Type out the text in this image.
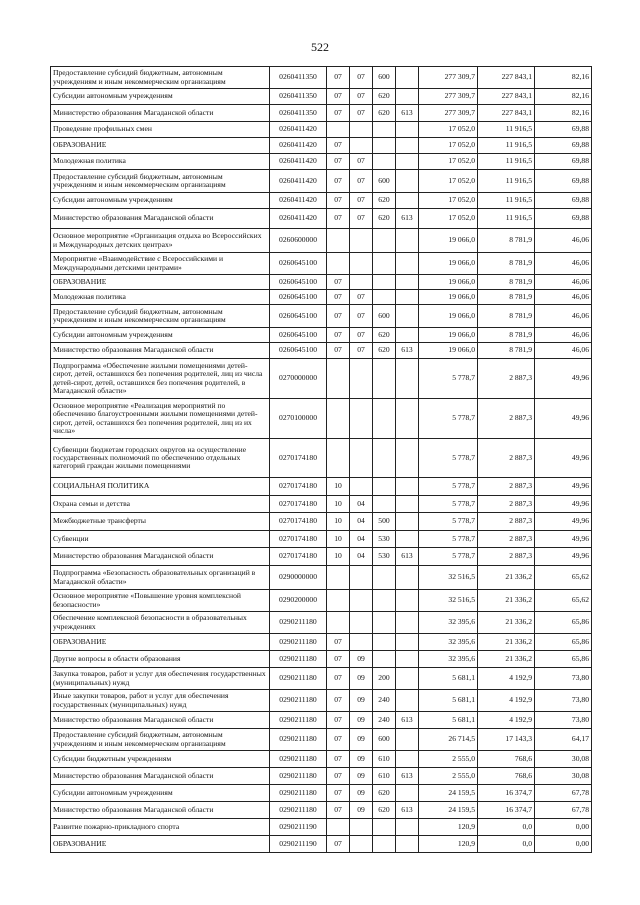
522
Предоставление субсидий бюджетным, автономным учреждениям и иным некоммерческим организациям	0260411350	07	07	600		277 309,7	227 843,1	82,16
Субсидии автономным учреждениям	0260411350	07	07	620		277 309,7	227 843,1	82,16
Министерство образования Магаданской области	0260411350	07	07	620	613	277 309,7	227 843,1	82,16
Проведение профильных смен	0260411420					17 052,0	11 916,5	69,88
ОБРАЗОВАНИЕ	0260411420	07				17 052,0	11 916,5	69,88
Молодежная политика	0260411420	07	07			17 052,0	11 916,5	69,88
Предоставление субсидий бюджетным, автономным учреждениям и иным некоммерческим организациям	0260411420	07	07	600		17 052,0	11 916,5	69,88
Субсидии автономным учреждениям	0260411420	07	07	620		17 052,0	11 916,5	69,88
Министерство образования Магаданской области	0260411420	07	07	620	613	17 052,0	11 916,5	69,88
Основное мероприятие «Организация отдыха во Всероссийских и Международных детских центрах»	0260600000					19 066,0	8 781,9	46,06
Мероприятие «Взаимодействие с Всероссийскими и Международными детскими центрами»	0260645100					19 066,0	8 781,9	46,06
ОБРАЗОВАНИЕ	0260645100	07				19 066,0	8 781,9	46,06
Молодежная политика	0260645100	07	07			19 066,0	8 781,9	46,06
Предоставление субсидий бюджетным, автономным учреждениям и иным некоммерческим организациям	0260645100	07	07	600		19 066,0	8 781,9	46,06
Субсидии автономным учреждениям	0260645100	07	07	620		19 066,0	8 781,9	46,06
Министерство образования Магаданской области	0260645100	07	07	620	613	19 066,0	8 781,9	46,06
Подпрограмма «Обеспечение жилыми помещениями детей-сирот, детей, оставшихся без попечения родителей, лиц из числа детей-сирот, детей, оставшихся без попечения родителей, в Магаданской области»	0270000000					5 778,7	2 887,3	49,96
Основное мероприятие «Реализация мероприятий по обеспечению благоустроенными жилыми помещениями детей-сирот, детей, оставшихся без попечения родителей, лиц из их числа»	0270100000					5 778,7	2 887,3	49,96
Субвенции бюджетам городских округов на осуществление государственных полномочий по обеспечению отдельных категорий граждан жилыми помещениями	0270174180					5 778,7	2 887,3	49,96
СОЦИАЛЬНАЯ ПОЛИТИКА	0270174180	10				5 778,7	2 887,3	49,96
Охрана семьи и детства	0270174180	10	04			5 778,7	2 887,3	49,96
Межбюджетные трансферты	0270174180	10	04	500		5 778,7	2 887,3	49,96
Субвенции	0270174180	10	04	530		5 778,7	2 887,3	49,96
Министерство образования Магаданской области	0270174180	10	04	530	613	5 778,7	2 887,3	49,96
Подпрограмма «Безопасность образовательных организаций в Магаданской области»	0290000000					32 516,5	21 336,2	65,62
Основное мероприятие «Повышение уровня комплексной безопасности»	0290200000					32 516,5	21 336,2	65,62
Обеспечение комплексной безопасности в образовательных учреждениях	0290211180					32 395,6	21 336,2	65,86
ОБРАЗОВАНИЕ	0290211180	07				32 395,6	21 336,2	65,86
Другие вопросы в области образования	0290211180	07	09			32 395,6	21 336,2	65,86
Закупка товаров, работ и услуг для обеспечения государственных (муниципальных) нужд	0290211180	07	09	200		5 681,1	4 192,9	73,80
Иные закупки товаров, работ и услуг для обеспечения государственных (муниципальных) нужд	0290211180	07	09	240		5 681,1	4 192,9	73,80
Министерство образования Магаданской области	0290211180	07	09	240	613	5 681,1	4 192,9	73,80
Предоставление субсидий бюджетным, автономным учреждениям и иным некоммерческим организациям	0290211180	07	09	600		26 714,5	17 143,3	64,17
Субсидии бюджетным учреждениям	0290211180	07	09	610		2 555,0	768,6	30,08
Министерство образования Магаданской области	0290211180	07	09	610	613	2 555,0	768,6	30,08
Субсидии автономным учреждениям	0290211180	07	09	620		24 159,5	16 374,7	67,78
Министерство образования Магаданской области	0290211180	07	09	620	613	24 159,5	16 374,7	67,78
Развитие пожарно-прикладного спорта	0290211190					120,9	0,0	0,00
ОБРАЗОВАНИЕ	0290211190	07				120,9	0,0	0,00
